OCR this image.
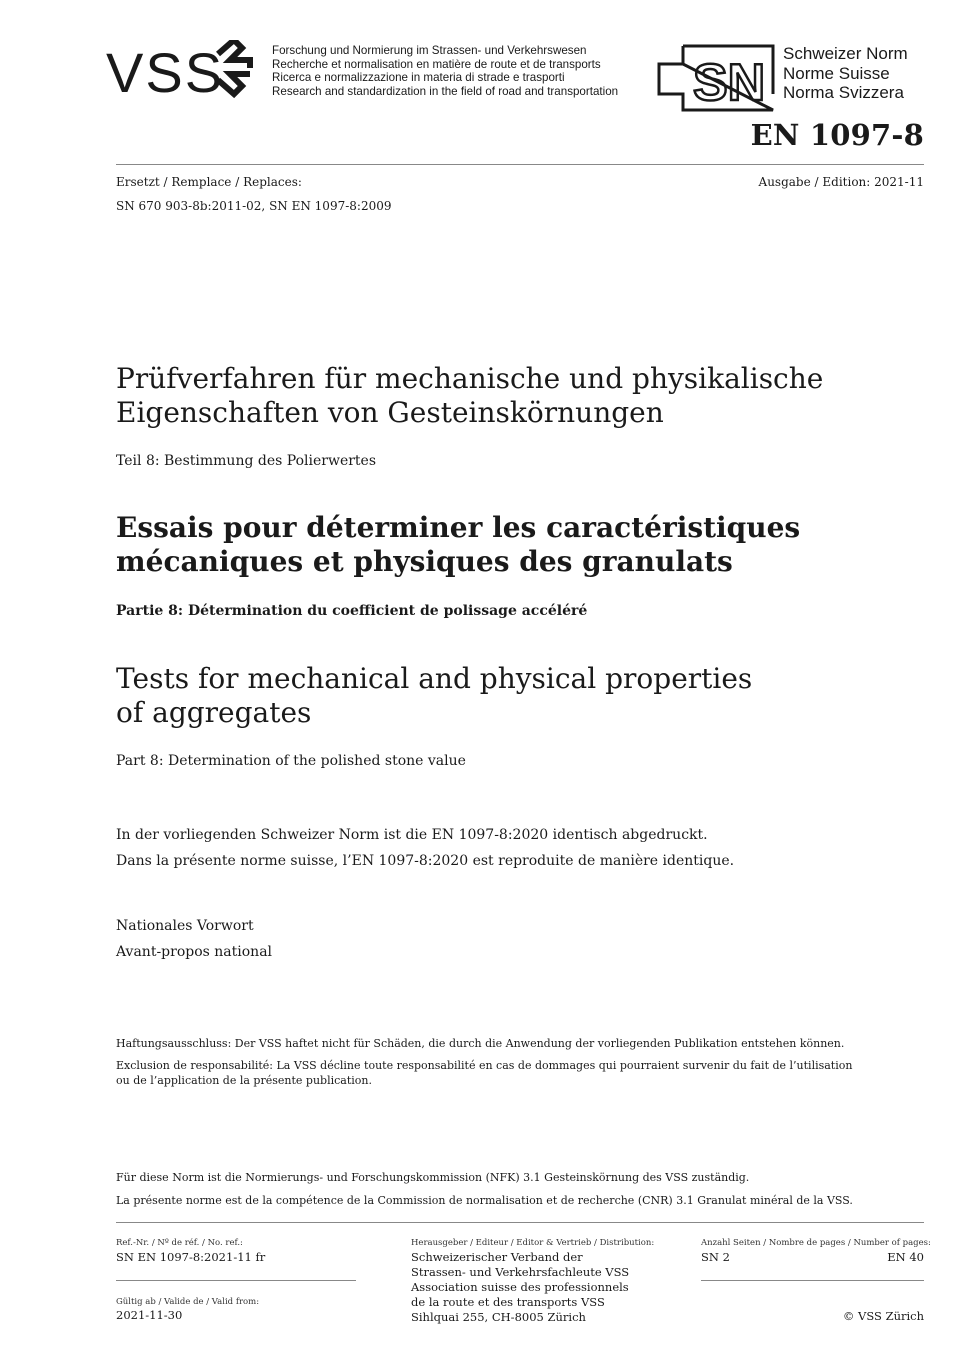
VSS	Forschung und Normierung im Strassen- und Verkehrswesen
Recherche et normalisation en matière de route et de transports
Ricerca e normalizzazione in materia di strade e trasporti
Research and standardization in the field of road and transportation SN
Schweizer Norm
Norme Suisse
Norma Svizzera
EN 1097-8
Ersetzt / Remplace / Replaces:
SN 670 903-8b:2011-02, SN EN 1097-8:2009
Ausgabe / Edition: 2021-11
Prüfverfahren für mechanische und physikalische
Eigenschaften von Gesteinskörnungen
Teil 8: Bestimmung des Polierwertes
Essais pour déterminer les caractéristiques
mécaniques et physiques des granulats
Partie 8: Détermination du coefficient de polissage accéléré
Tests for mechanical and physical properties
of aggregates
Part 8: Determination of the polished stone value
In der vorliegenden Schweizer Norm ist die EN 1097-8:2020 identisch abgedruckt.
Dans la présente norme suisse, l’EN 1097-8:2020 est reproduite de manière identique.
Nationales Vorwort
Avant-propos national
Haftungsausschluss: Der VSS haftet nicht für Schäden, die durch die Anwendung der vorliegenden Publikation entstehen können.
Exclusion de responsabilité: La VSS décline toute responsabilité en cas de dommages qui pourraient survenir du fait de l’utilisation
ou de l’application de la présente publication.
Für diese Norm ist die Normierungs- und Forschungskommission (NFK) 3.1 Gesteinskörnung des VSS zuständig.
La présente norme est de la compétence de la Commission de normalisation et de recherche (CNR) 3.1 Granulat minéral de la VSS.
Ref.-Nr. / Nº de réf. / No. ref.:
SN EN 1097-8:2021-11 fr
Gültig ab / Valide de / Valid from:
2021-11-30
Herausgeber / Editeur / Editor & Vertrieb / Distribution:
Schweizerischer Verband der
Strassen- und Verkehrsfachleute VSS
Association suisse des professionnels
de la route et des transports VSS
Sihlquai 255, CH-8005 Zürich
Anzahl Seiten / Nombre de pages / Number of pages:
SN 2	EN 40
© VSS Zürich
